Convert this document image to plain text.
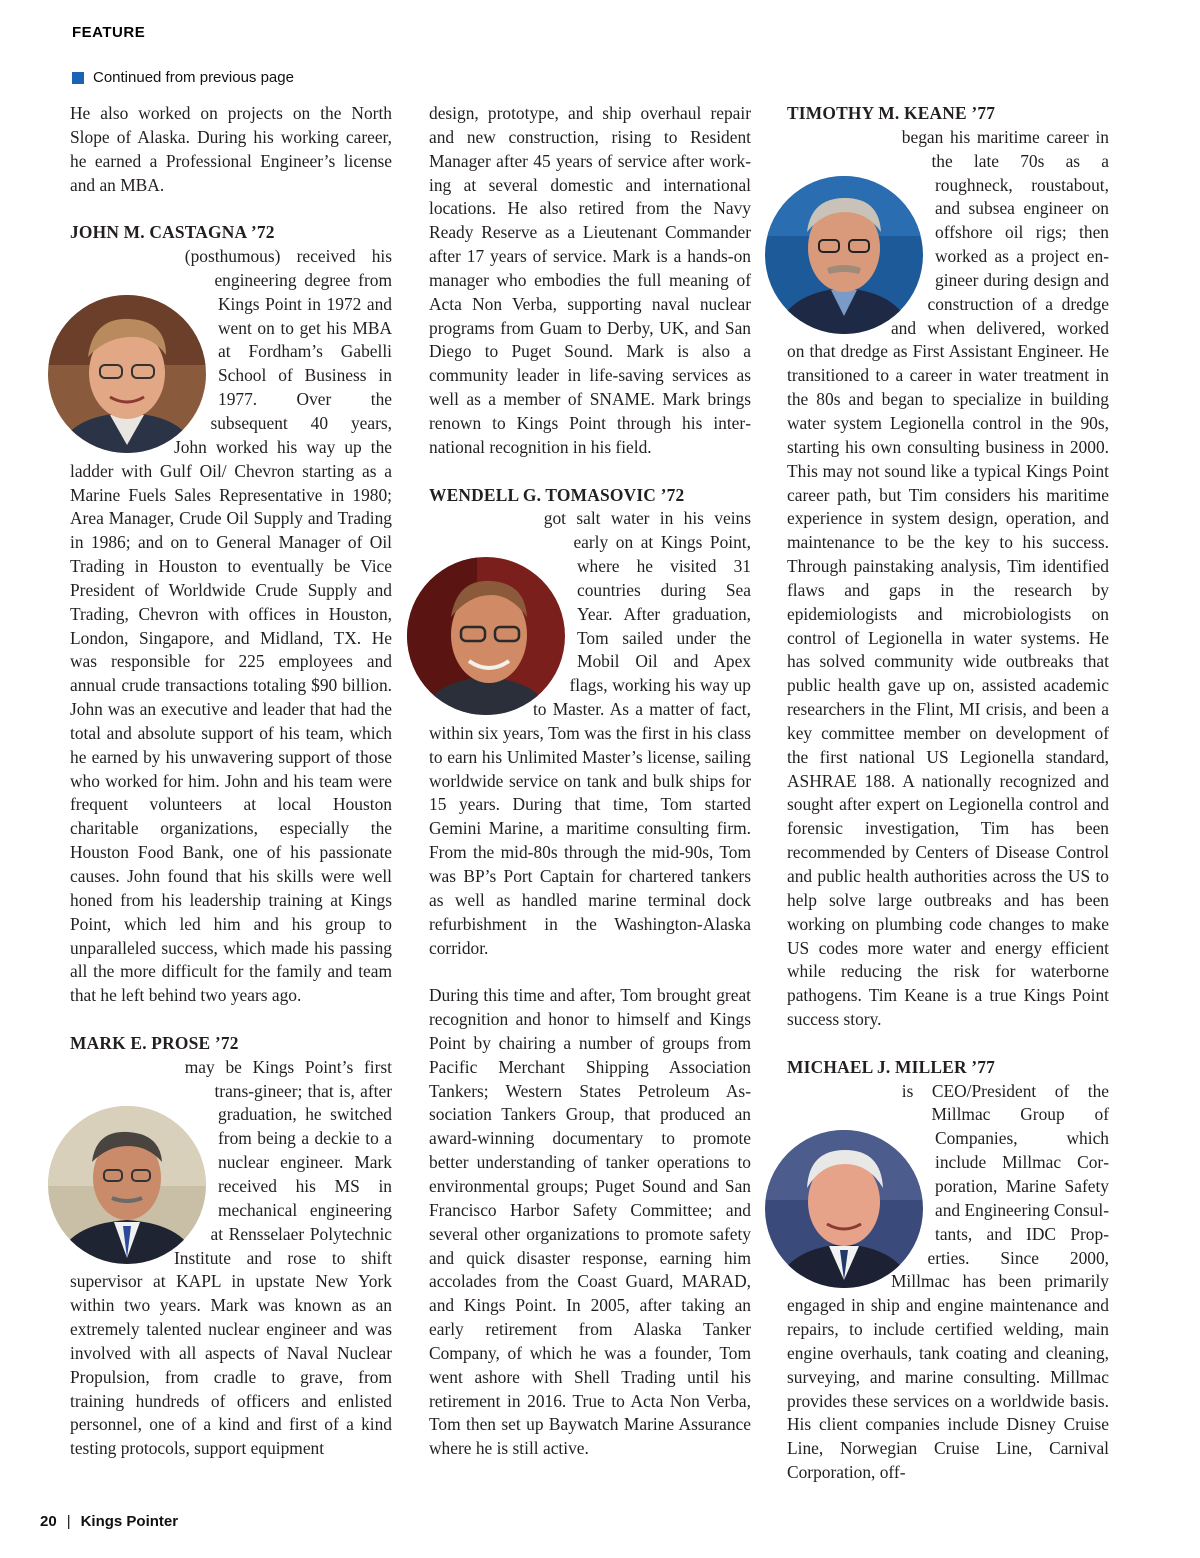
FEATURE
Continued from previous page

He also worked on projects on the North Slope of Alaska. During his working career, he earned a Professional Engineer’s license and an MBA.

JOHN M. CASTAGNA ’72

(posthumous) received his engineering degree from Kings Point in 1972 and went on to get his MBA at Fordham’s Gabelli School of Business in 1977. Over the subsequent 40 years, John worked his way up the ladder with Gulf Oil/ Chevron starting as a Marine Fuels Sales Representative in 1980; Area Manager, Crude Oil Supply and Trading in 1986; and on to General Manager of Oil Trading in Houston to eventually be Vice President of Worldwide Crude Supply and Trading, Chevron with offices in Houston, London, Singapore, and Midland, TX. He was responsible for 225 employees and annual crude transactions totaling $90 billion. John was an executive and leader that had the total and absolute support of his team, which he earned by his unwavering support of those who worked for him. John and his team were frequent volunteers at local Houston charitable organizations, especially the Houston Food Bank, one of his passionate causes. John found that his skills were well honed from his leadership training at Kings Point, which led him and his group to unparalleled success, which made his passing all the more difficult for the family and team that he left behind two years ago.

MARK E. PROSE ’72

may be Kings Point’s first trans-gineer; that is, after graduation, he switched from being a deckie to a nuclear engineer. Mark received his MS in mechanical engineering at Rensselaer Polytechnic Institute and rose to shift supervisor at KAPL in upstate New York within two years. Mark was known as an extremely talented nuclear engineer and was involved with all aspects of Naval Nuclear Propulsion, from cradle to grave, from training hundreds of officers and enlisted personnel, one of a kind and first of a kind testing protocols, support equipment

design, prototype, and ship overhaul repair and new construction, rising to Resident Manager after 45 years of service after working at several domestic and international locations. He also retired from the Navy Ready Reserve as a Lieutenant Commander after 17 years of service. Mark is a hands-on manager who embodies the full meaning of Acta Non Verba, supporting naval nuclear programs from Guam to Derby, UK, and San Diego to Puget Sound. Mark is also a community leader in life-saving services as well as a member of SNAME. Mark brings renown to Kings Point through his international recognition in his field.

WENDELL G. TOMASOVIC ’72

got salt water in his veins early on at Kings Point, where he visited 31 countries during Sea Year. After graduation, Tom sailed under the Mobil Oil and Apex flags, working his way up to Master. As a matter of fact, within six years, Tom was the first in his class to earn his Unlimited Master’s license, sailing worldwide service on tank and bulk ships for 15 years. During that time, Tom started Gemini Marine, a maritime consulting firm. From the mid-80s through the mid-90s, Tom was BP’s Port Captain for chartered tankers as well as handled marine terminal dock refurbishment in the Washington-Alaska corridor.

During this time and after, Tom brought great recognition and honor to himself and Kings Point by chairing a number of groups from Pacific Merchant Shipping Association Tankers; Western States Petroleum Association Tankers Group, that produced an award-winning documentary to promote better understanding of tanker operations to environmental groups; Puget Sound and San Francisco Harbor Safety Committee; and several other organizations to promote safety and quick disaster response, earning him accolades from the Coast Guard, MARAD, and Kings Point. In 2005, after taking an early retirement from Alaska Tanker Company, of which he was a founder, Tom went ashore with Shell Trading until his retirement in 2016. True to Acta Non Verba, Tom then set up Baywatch Marine Assurance where he is still active.

TIMOTHY M. KEANE ’77

began his maritime career in the late 70s as a roughneck, roustabout, and subsea engineer on offshore oil rigs; then worked as a project engineer during design and construction of a dredge and when delivered, worked on that dredge as First Assistant Engineer. He transitioned to a career in water treatment in the 80s and began to specialize in building water system Legionella control in the 90s, starting his own consulting business in 2000. This may not sound like a typical Kings Point career path, but Tim considers his maritime experience in system design, operation, and maintenance to be the key to his success. Through painstaking analysis, Tim identified flaws and gaps in the research by epidemiologists and microbiologists on control of Legionella in water systems. He has solved community wide outbreaks that public health gave up on, assisted academic researchers in the Flint, MI crisis, and been a key committee member on development of the first national US Legionella standard, ASHRAE 188. A nationally recognized and sought after expert on Legionella control and forensic investigation, Tim has been recommended by Centers of Disease Control and public health authorities across the US to help solve large outbreaks and has been working on plumbing code changes to make US codes more water and energy efficient while reducing the risk for waterborne pathogens. Tim Keane is a true Kings Point success story.

MICHAEL J. MILLER ’77

is CEO/President of the Millmac Group of Companies, which include Millmac Corporation, Marine Safety and Engineering Consultants, and IDC Properties. Since 2000, Millmac has been primarily engaged in ship and engine maintenance and repairs, to include certified welding, main engine overhauls, tank coating and cleaning, surveying, and marine consulting. Millmac provides these services on a worldwide basis. His client companies include Disney Cruise Line, Norwegian Cruise Line, Carnival Corporation, off-

20 | Kings Pointer
